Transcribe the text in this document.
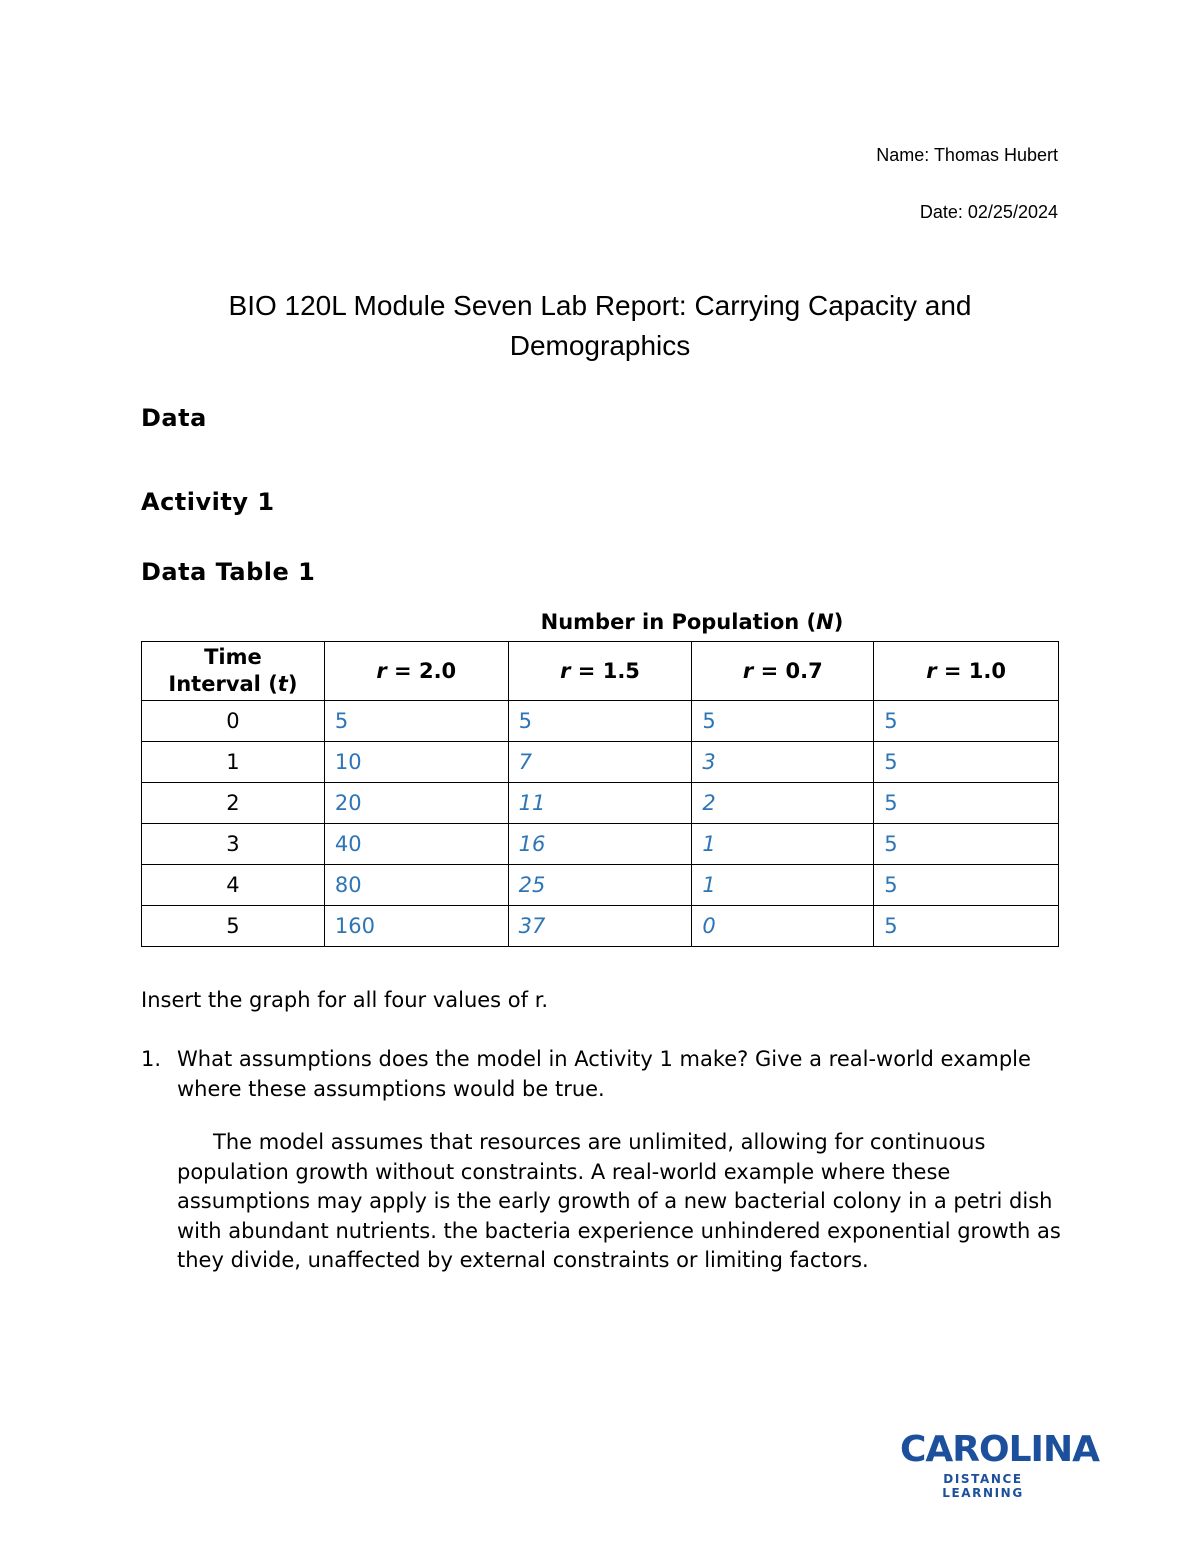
Name: Thomas Hubert
Date: 02/25/2024
BIO 120L Module Seven Lab Report: Carrying Capacity and
Demographics
Data
Activity 1
Data Table 1
Number in Population (N)
Time
Interval (t)	r = 2.0	r = 1.5	r = 0.7	r = 1.0
0	5	5	5	5
1	10	7	3	5
2	20	11	2	5
3	40	16	1	5
4	80	25	1	5
5	160	37	0	5
Insert the graph for all four values of r.
1. What assumptions does the model in Activity 1 make? Give a real-world example where these assumptions would be true.
The model assumes that resources are unlimited, allowing for continuous population growth without constraints. A real-world example where these assumptions may apply is the early growth of a new bacterial colony in a petri dish with abundant nutrients. the bacteria experience unhindered exponential growth as they divide, unaffected by external constraints or limiting factors.
CAROLINA
DISTANCE LEARNING
